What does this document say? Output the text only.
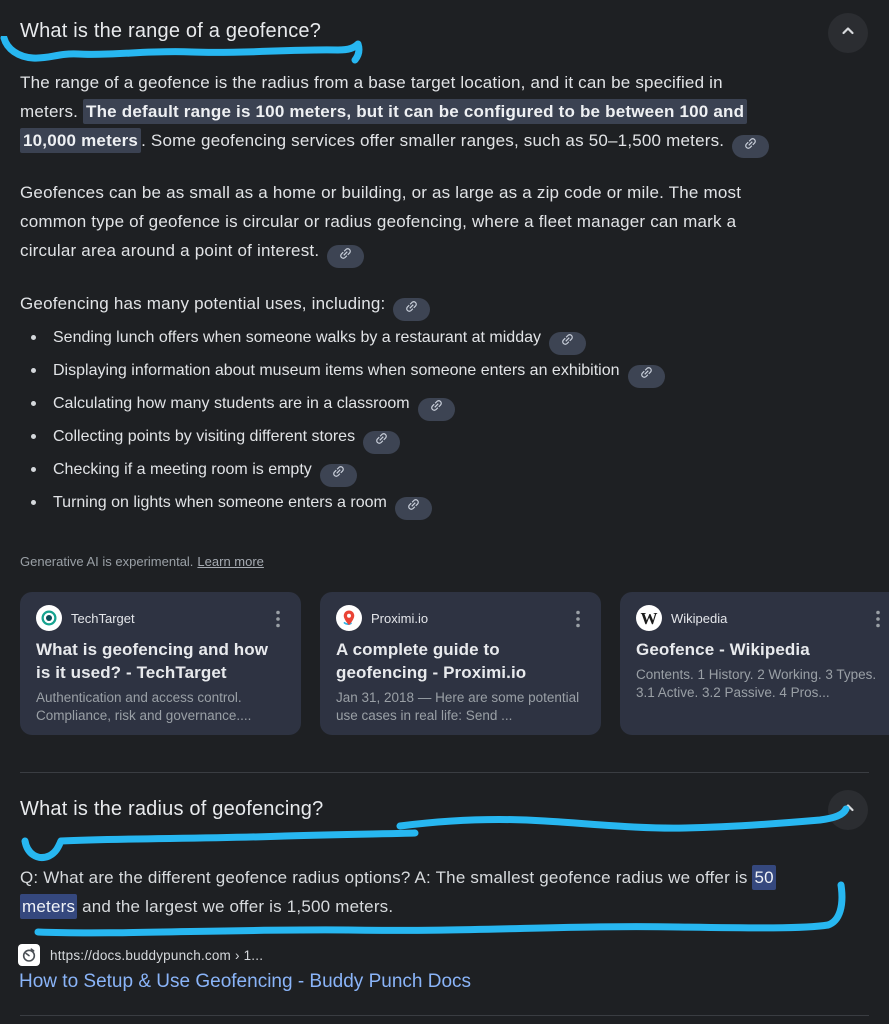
What is the range of a geofence?
The range of a geofence is the radius from a base target location, and it can be specified in
meters. The default range is 100 meters, but it can be configured to be between 100 and
10,000 meters . Some geofencing services offer smaller ranges, such as 50–1,500 meters.
Geofences can be as small as a home or building, or as large as a zip code or mile. The most
common type of geofence is circular or radius geofencing, where a fleet manager can mark a
circular area around a point of interest.
Geofencing has many potential uses, including:
Sending lunch offers when someone walks by a restaurant at midday
Displaying information about museum items when someone enters an exhibition
Calculating how many students are in a classroom
Collecting points by visiting different stores
Checking if a meeting room is empty
Turning on lights when someone enters a room
Generative AI is experimental. Learn more
TechTarget
What is geofencing and how is it used? - TechTarget
Authentication and access control. Compliance, risk and governance....
Proximi.io
A complete guide to geofencing - Proximi.io
Jan 31, 2018 — Here are some potential use cases in real life: Send ...
W Wikipedia
Geofence - Wikipedia
Contents. 1 History. 2 Working. 3 Types. 3.1 Active. 3.2 Passive. 4 Pros...
What is the radius of geofencing?
Q: What are the different geofence radius options? A: The smallest geofence radius we offer is 50
meters and the largest we offer is 1,500 meters.
https://docs.buddypunch.com › 1...
How to Setup & Use Geofencing - Buddy Punch Docs
